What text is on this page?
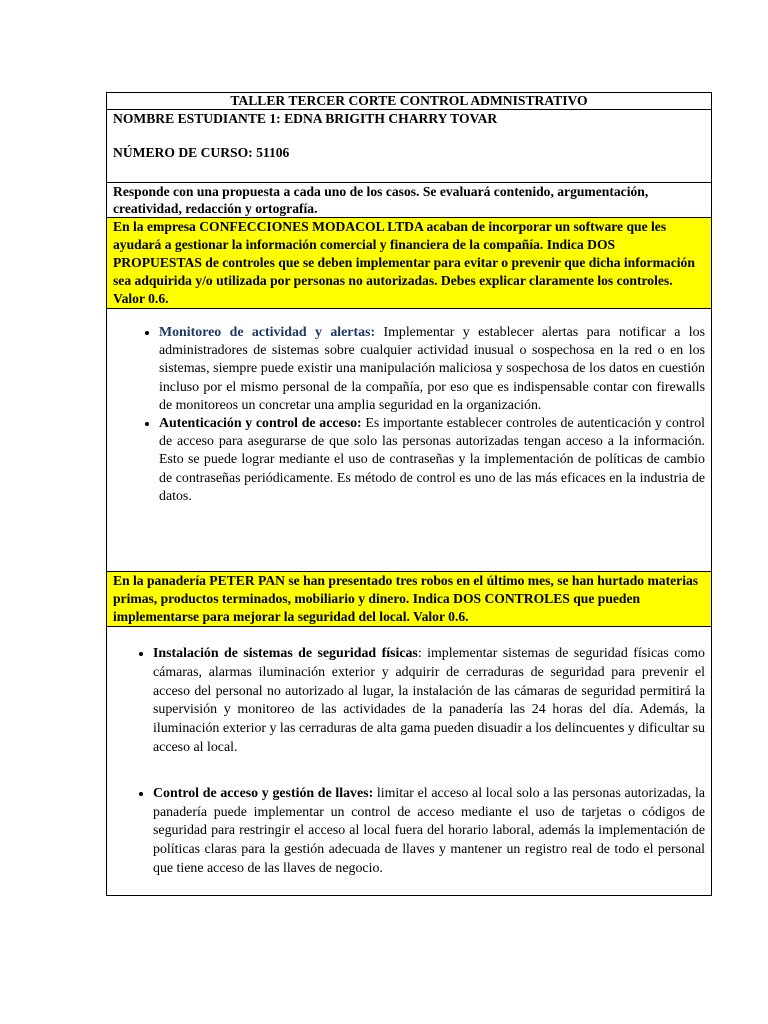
TALLER TERCER CORTE CONTROL ADMNISTRATIVO

NOMBRE ESTUDIANTE 1: EDNA BRIGITH CHARRY TOVAR

NÚMERO DE CURSO: 51106

Responde con una propuesta a cada uno de los casos. Se evaluará contenido, argumentación, creatividad, redacción y ortografía.
En la empresa CONFECCIONES MODACOL LTDA acaban de incorporar un software que les ayudará a gestionar la información comercial y financiera de la compañía. Indica DOS PROPUESTAS de controles que se deben implementar para evitar o prevenir que dicha información sea adquirida y/o utilizada por personas no autorizadas. Debes explicar claramente los controles. Valor 0.6.

• Monitoreo de actividad y alertas: Implementar y establecer alertas para notificar a los administradores de sistemas sobre cualquier actividad inusual o sospechosa en la red o en los sistemas, siempre puede existir una manipulación maliciosa y sospechosa de los datos en cuestión incluso por el mismo personal de la compañía, por eso que es indispensable contar con firewalls de monitoreos un concretar una amplia seguridad en la organización.
• Autenticación y control de acceso: Es importante establecer controles de autenticación y control de acceso para asegurarse de que solo las personas autorizadas tengan acceso a la información. Esto se puede lograr mediante el uso de contraseñas y la implementación de políticas de cambio de contraseñas periódicamente. Es método de control es uno de las más eficaces en la industria de datos.

En la panadería PETER PAN se han presentado tres robos en el último mes, se han hurtado materias primas, productos terminados, mobiliario y dinero. Indica DOS CONTROLES que pueden implementarse para mejorar la seguridad del local. Valor 0.6.

• Instalación de sistemas de seguridad físicas: implementar sistemas de seguridad físicas como cámaras, alarmas iluminación exterior y adquirir de cerraduras de seguridad para prevenir el acceso del personal no autorizado al lugar, la instalación de las cámaras de seguridad permitirá la supervisión y monitoreo de las actividades de la panadería las 24 horas del día. Además, la iluminación exterior y las cerraduras de alta gama pueden disuadir a los delincuentes y dificultar su acceso al local.
• Control de acceso y gestión de llaves: limitar el acceso al local solo a las personas autorizadas, la panadería puede implementar un control de acceso mediante el uso de tarjetas o códigos de seguridad para restringir el acceso al local fuera del horario laboral, además la implementación de políticas claras para la gestión adecuada de llaves y mantener un registro real de todo el personal que tiene acceso de las llaves de negocio.
